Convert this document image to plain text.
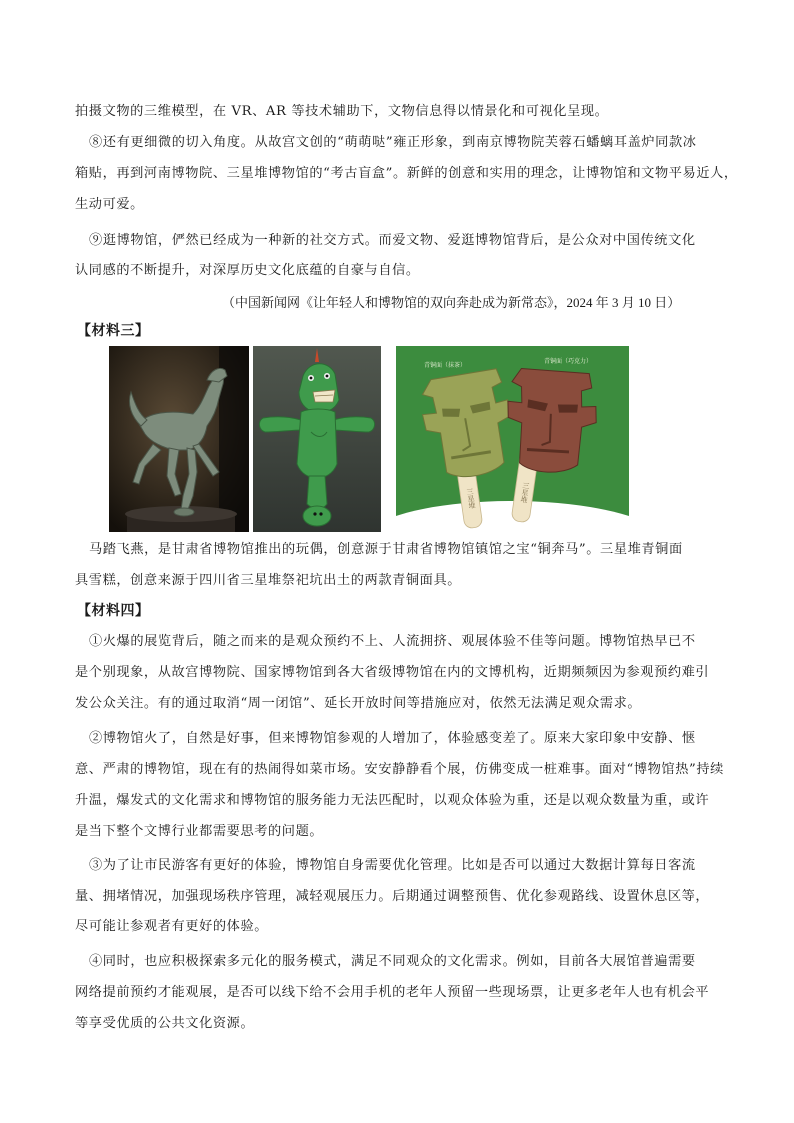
拍摄文物的三维模型，在 VR、AR 等技术辅助下，文物信息得以情景化和可视化呈现。
⑧还有更细微的切入角度。从故宫文创的“萌萌哒”雍正形象，到南京博物院芙蓉石蟠螭耳盖炉同款冰
箱贴，再到河南博物院、三星堆博物馆的“考古盲盒”。新鲜的创意和实用的理念，让博物馆和文物平易近人，
生动可爱。
⑨逛博物馆，俨然已经成为一种新的社交方式。而爱文物、爱逛博物馆背后，是公众对中国传统文化
认同感的不断提升，对深厚历史文化底蕴的自豪与自信。
（中国新闻网《让年轻人和博物馆的双向奔赴成为新常态》，2024 年 3 月 10 日）
【材料三】
青铜面（抹茶）
青铜面（巧克力）
三星堆	三星堆
马踏飞燕，是甘肃省博物馆推出的玩偶，创意源于甘肃省博物馆镇馆之宝“铜奔马”。三星堆青铜面
具雪糕，创意来源于四川省三星堆祭祀坑出土的两款青铜面具。
【材料四】
①火爆的展览背后，随之而来的是观众预约不上、人流拥挤、观展体验不佳等问题。博物馆热早已不
是个别现象，从故宫博物院、国家博物馆到各大省级博物馆在内的文博机构，近期频频因为参观预约难引
发公众关注。有的通过取消“周一闭馆”、延长开放时间等措施应对，依然无法满足观众需求。
②博物馆火了，自然是好事，但来博物馆参观的人增加了，体验感变差了。原来大家印象中安静、惬
意、严肃的博物馆，现在有的热闹得如菜市场。安安静静看个展，仿佛变成一桩难事。面对“博物馆热”持续
升温，爆发式的文化需求和博物馆的服务能力无法匹配时，以观众体验为重，还是以观众数量为重，或许
是当下整个文博行业都需要思考的问题。
③为了让市民游客有更好的体验，博物馆自身需要优化管理。比如是否可以通过大数据计算每日客流
量、拥堵情况，加强现场秩序管理，减轻观展压力。后期通过调整预售、优化参观路线、设置休息区等，
尽可能让参观者有更好的体验。
④同时，也应积极探索多元化的服务模式，满足不同观众的文化需求。例如，目前各大展馆普遍需要
网络提前预约才能观展，是否可以线下给不会用手机的老年人预留一些现场票，让更多老年人也有机会平
等享受优质的公共文化资源。
